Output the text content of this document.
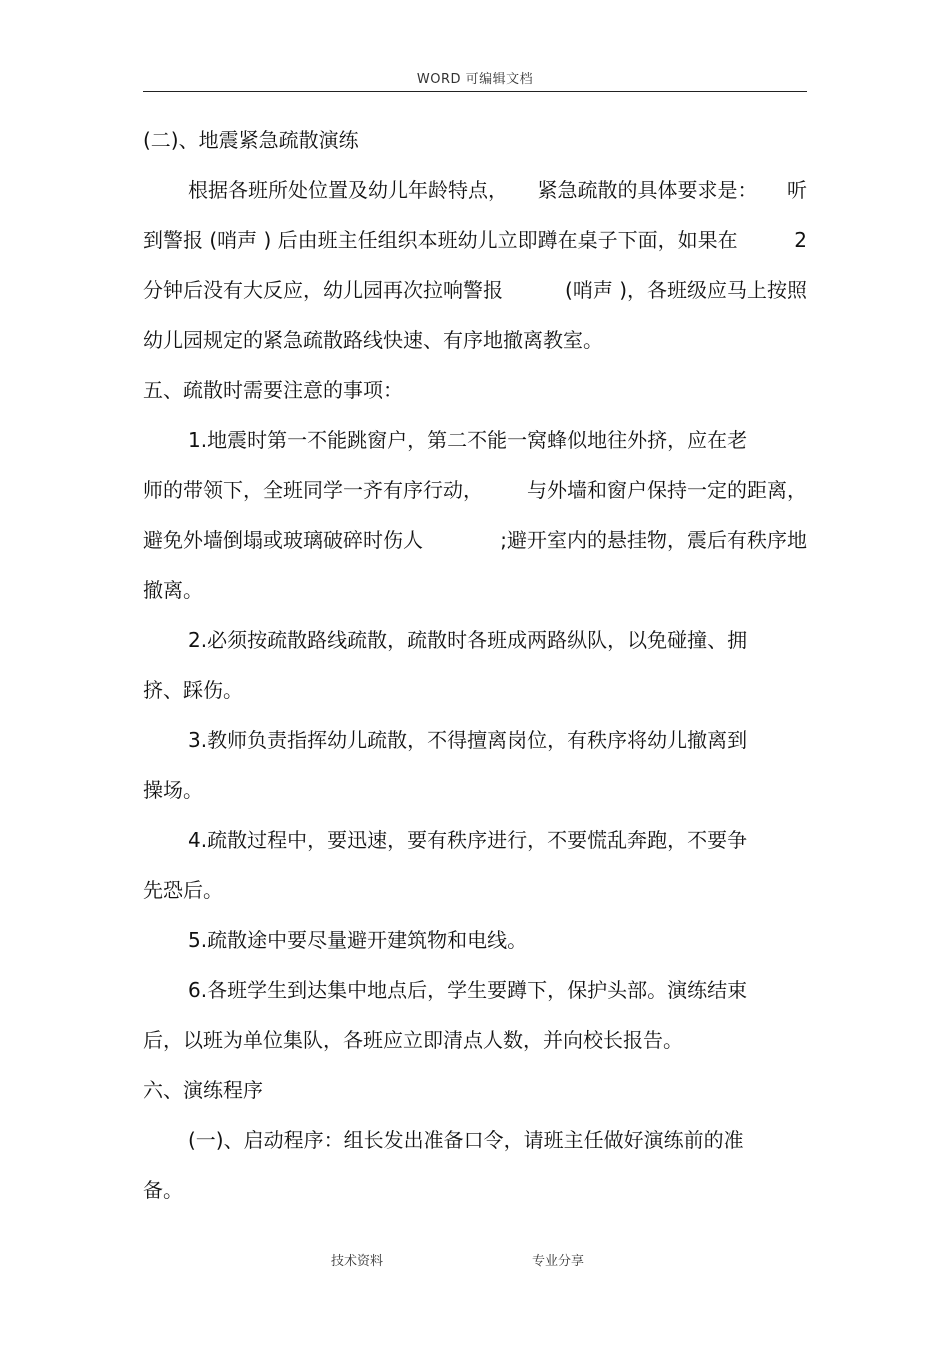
WORD 可编辑文档
(二)、地震紧急疏散演练
根据各班所处位置及幼儿年龄特点， 紧急疏散的具体要求是： 听
到警报 (哨声 ) 后由班主任组织本班幼儿立即蹲在桌子下面，如果在	2
分钟后没有大反应，幼儿园再次拉响警报	(哨声 )，各班级应马上按照
幼儿园规定的紧急疏散路线快速、有序地撤离教室。
五、疏散时需要注意的事项：
1.地震时第一不能跳窗户，第二不能一窝蜂似地往外挤，应在老
师的带领下，全班同学一齐有序行动， 与外墙和窗户保持一定的距离，
避免外墙倒塌或玻璃破碎时伤人	;避开室内的悬挂物，震后有秩序地
撤离。
2.必须按疏散路线疏散，疏散时各班成两路纵队，以免碰撞、拥
挤、踩伤。
3.教师负责指挥幼儿疏散，不得擅离岗位，有秩序将幼儿撤离到
操场。
4.疏散过程中，要迅速，要有秩序进行，不要慌乱奔跑，不要争
先恐后。
5.疏散途中要尽量避开建筑物和电线。
6.各班学生到达集中地点后，学生要蹲下，保护头部。演练结束
后，以班为单位集队，各班应立即清点人数，并向校长报告。
六、演练程序
(一)、启动程序：组长发出准备口令，请班主任做好演练前的准
备。
技术资料	专业分享
